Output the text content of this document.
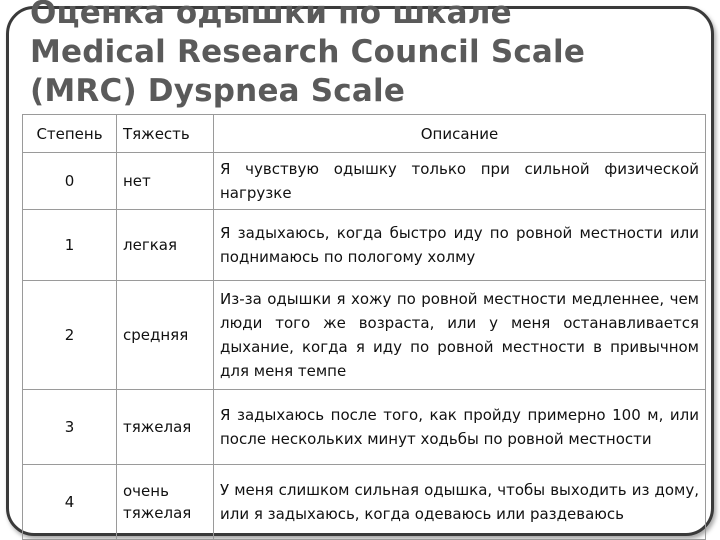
Оценка одышки по шкале
Medical Research Council Scale
(MRC) Dyspnea Scale
Степень	Тяжесть	Описание
0	нет	Я чувствую одышку только при сильной физической нагрузке
1	легкая	Я задыхаюсь, когда быстро иду по ровной местности или поднимаюсь по пологому холму
2	средняя	Из-за одышки я хожу по ровной местности медленнее, чем люди того же возраста, или у меня останавливается дыхание, когда я иду по ровной местности в привычном для меня темпе
3	тяжелая	Я задыхаюсь после того, как пройду примерно 100 м, или после нескольких минут ходьбы по ровной местности
4	очень тяжелая	У меня слишком сильная одышка, чтобы выходить из дому, или я задыхаюсь, когда одеваюсь или раздеваюсь
